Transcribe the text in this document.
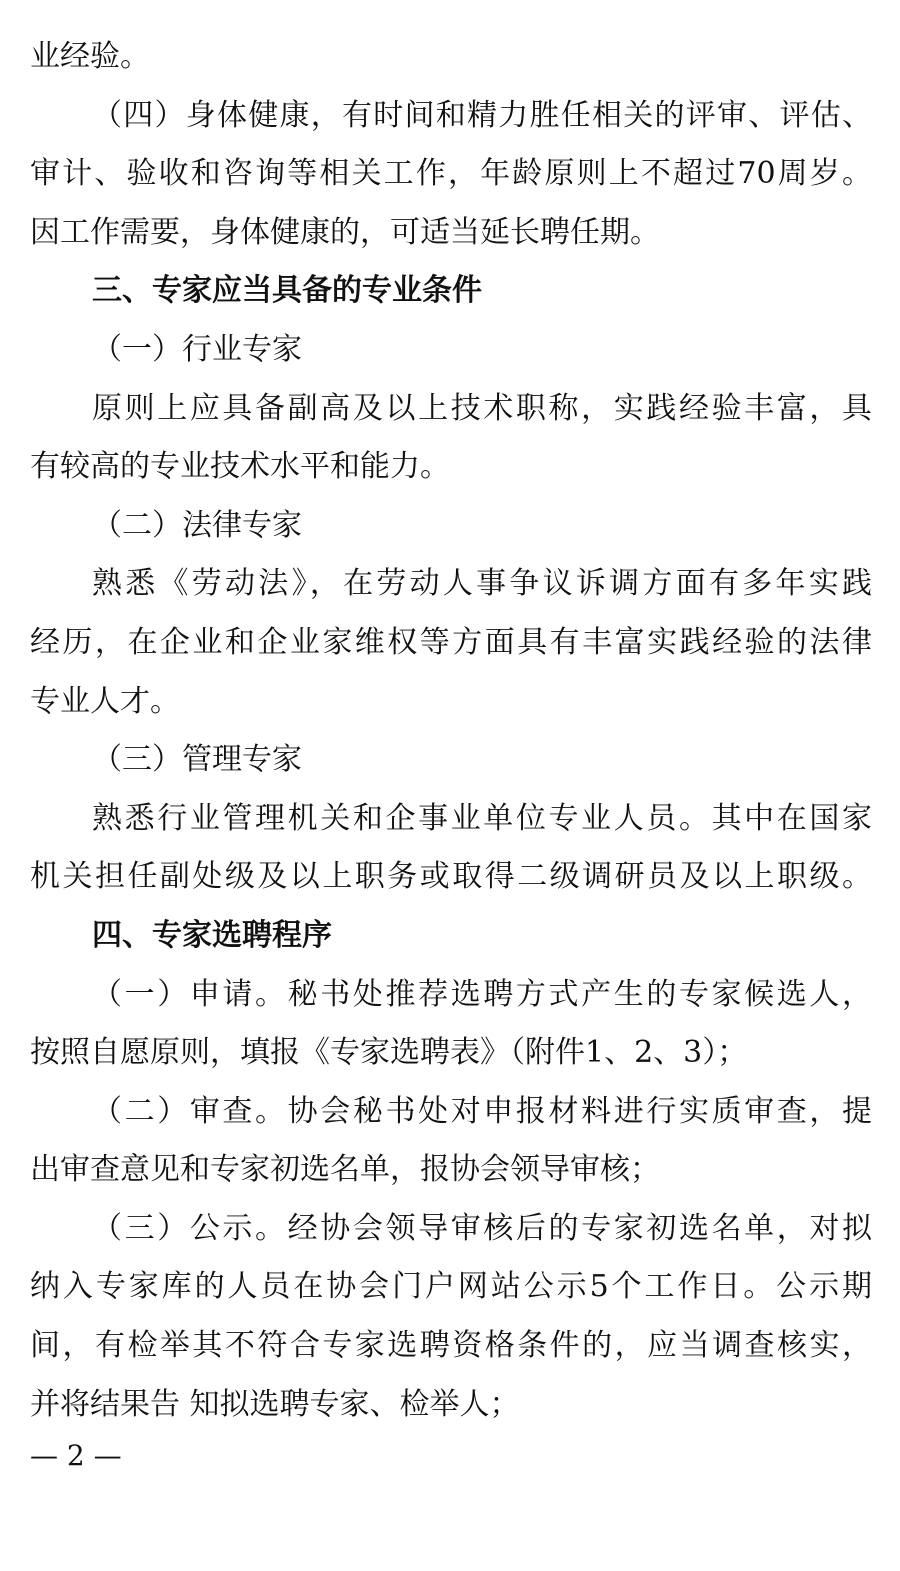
业经验。
（四）身体健康，有时间和精力胜任相关的评审、评估、
审计、验收和咨询等相关工作，年龄原则上不超过70周岁。
因工作需要，身体健康的，可适当延长聘任期。
三、专家应当具备的专业条件
（一）行业专家
原则上应具备副高及以上技术职称，实践经验丰富，具
有较高的专业技术水平和能力。
（二）法律专家
熟悉《劳动法》，在劳动人事争议诉调方面有多年实践
经历，在企业和企业家维权等方面具有丰富实践经验的法律
专业人才。
（三）管理专家
熟悉行业管理机关和企事业单位专业人员。其中在国家
机关担任副处级及以上职务或取得二级调研员及以上职级。
四、专家选聘程序
（一）申请。秘书处推荐选聘方式产生的专家候选人，
按照自愿原则，填报《专家选聘表》（附件1、2、3）；
（二）审查。协会秘书处对申报材料进行实质审查，提
出审查意见和专家初选名单，报协会领导审核；
（三）公示。经协会领导审核后的专家初选名单，对拟
纳入专家库的人员在协会门户网站公示5个工作日。公示期
间，有检举其不符合专家选聘资格条件的，应当调查核实，
并将结果告 知拟选聘专家、检举人；
— 2 —
